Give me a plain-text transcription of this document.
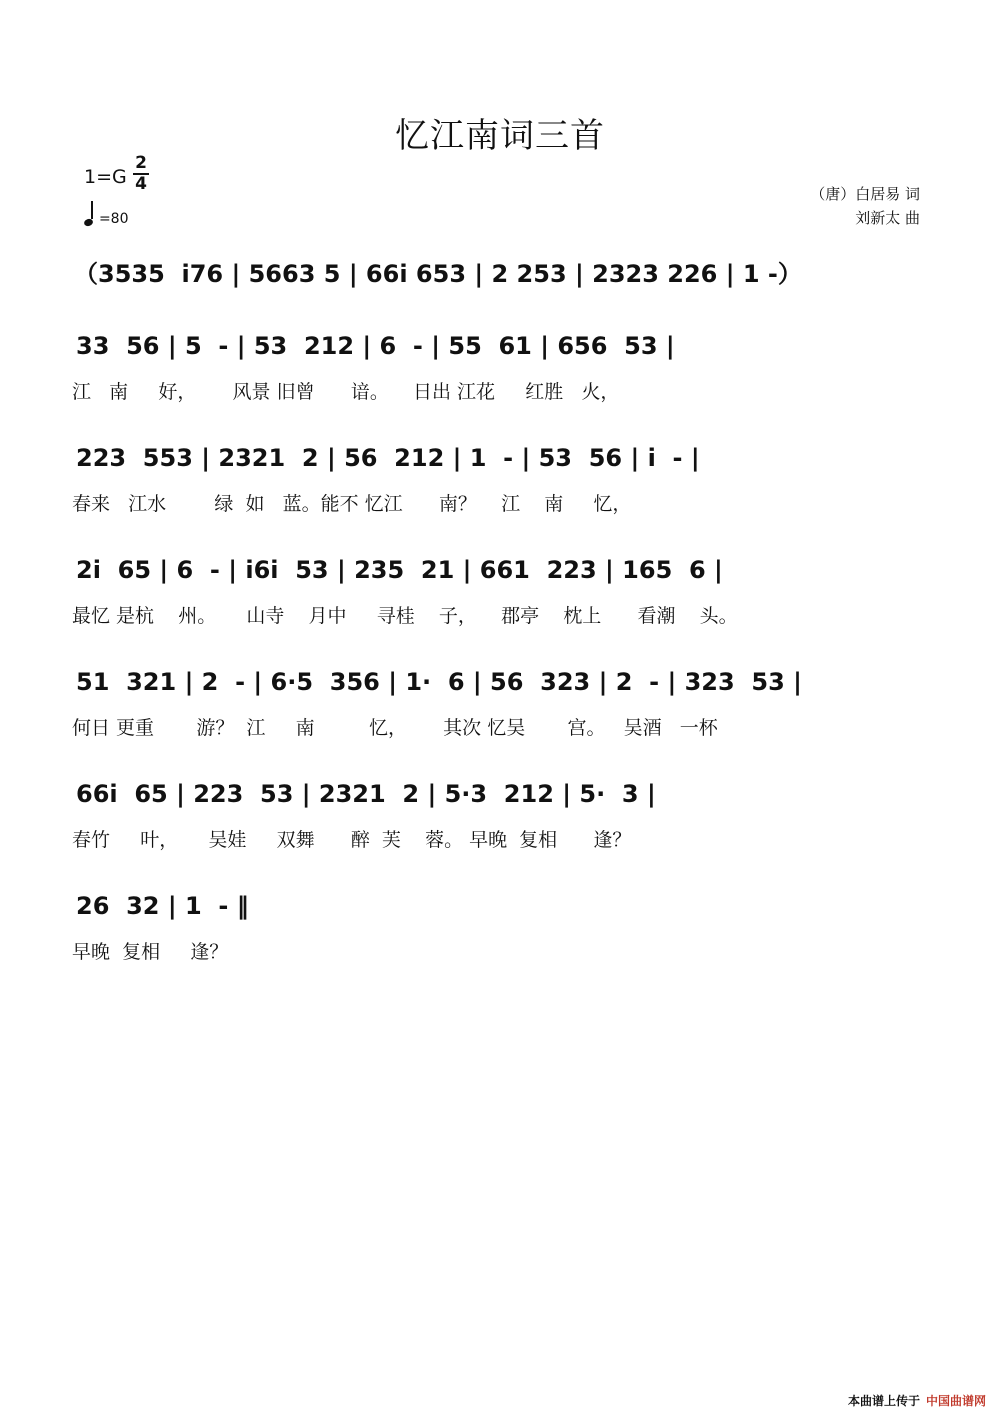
忆江南词三首
1=G
2
4
=80
（唐）白居易 词
刘新太 曲
（3535  i76 | 5663 5 | 66i 653 | 2 253 | 2323 226 | 1 -）
33  56 | 5  - | 53  212 | 6  - | 55  61 | 656  53 |
江   南     好，      风景 旧曾      谙。    日出 江花     红胜   火，
223  553 | 2321  2 | 56  212 | 1  - | 53  56 | i  - |
春来   江水        绿  如   蓝。能不 忆江      南？    江    南     忆，
2i  65 | 6  - | i6i  53 | 235  21 | 661  223 | 165  6 |
最忆 是杭    州。     山寺    月中     寻桂    子，    郡亭    枕上      看潮    头。
51  321 | 2  - | 6·5  356 | 1·  6 | 56  323 | 2  - | 323  53 |
何日 更重       游？  江     南         忆，      其次 忆吴       宫。   吴酒   一杯
66i  65 | 223  53 | 2321  2 | 5·3  212 | 5·  3 |
春竹     叶，     吴娃     双舞      醉  芙    蓉。 早晚  复相      逢？
26  32 | 1  - ‖
早晚  复相     逢？
本曲谱上传于 中国曲谱网
